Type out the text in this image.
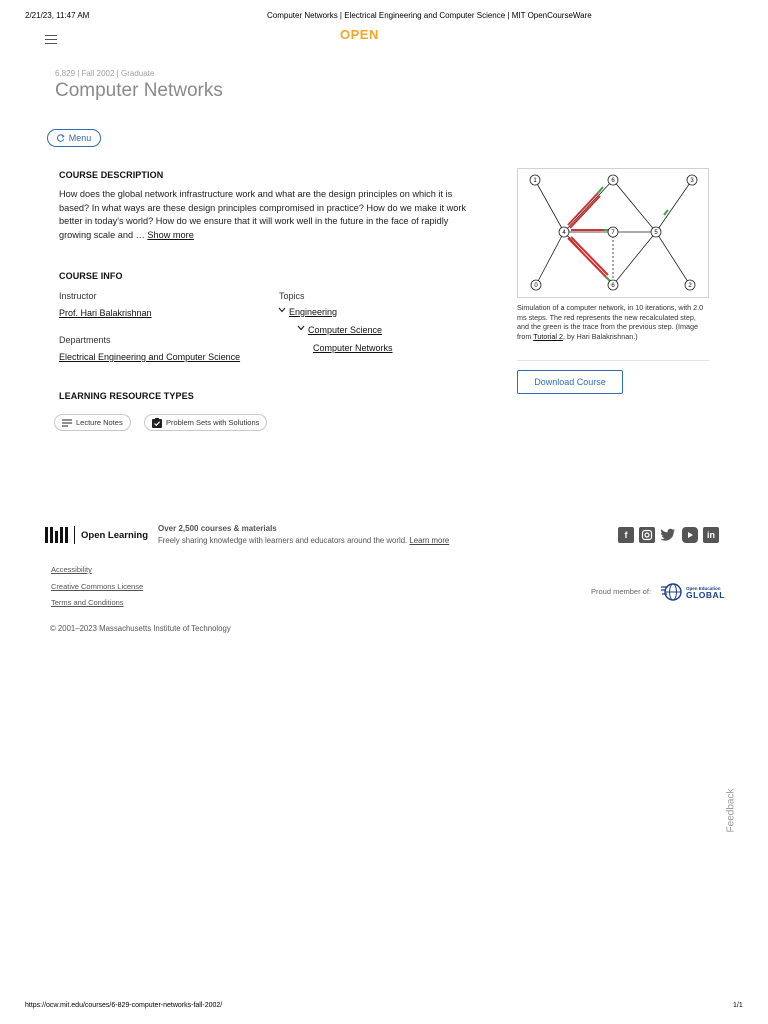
2/21/23, 11:47 AM	Computer Networks | Electrical Engineering and Computer Science | MIT OpenCourseWare
OPEN
6.829 | Fall 2002 | Graduate
Computer Networks
Menu
COURSE DESCRIPTION
How does the global network infrastructure work and what are the design principles on which it is based? In what ways are these design principles compromised in practice? How do we make it work better in today's world? How do we ensure that it will work well in the future in the face of rapidly growing scale and … Show more
COURSE INFO
Instructor
Prof. Hari Balakrishnan
Departments
Electrical Engineering and Computer Science
Topics
Engineering
Computer Science
Computer Networks
LEARNING RESOURCE TYPES
Lecture Notes	Problem Sets with Solutions
1	6	3
4	7	5
0	6	2
Simulation of a computer network, in 10 iterations, with 2.0 ms steps. The red represents the new recalculated step, and the green is the trace from the previous step. (Image from Tutorial 2, by Hari Balakrishnan.)
Download Course
Open Learning
Over 2,500 courses & materials
Freely sharing knowledge with learners and educators around the world. Learn more
f	in
Accessibility
Creative Commons License
Terms and Conditions
Proud member of:	Open Education
GLOBAL
© 2001–2023 Massachusetts Institute of Technology
Feedback
https://ocw.mit.edu/courses/6-829-computer-networks-fall-2002/	1/1
